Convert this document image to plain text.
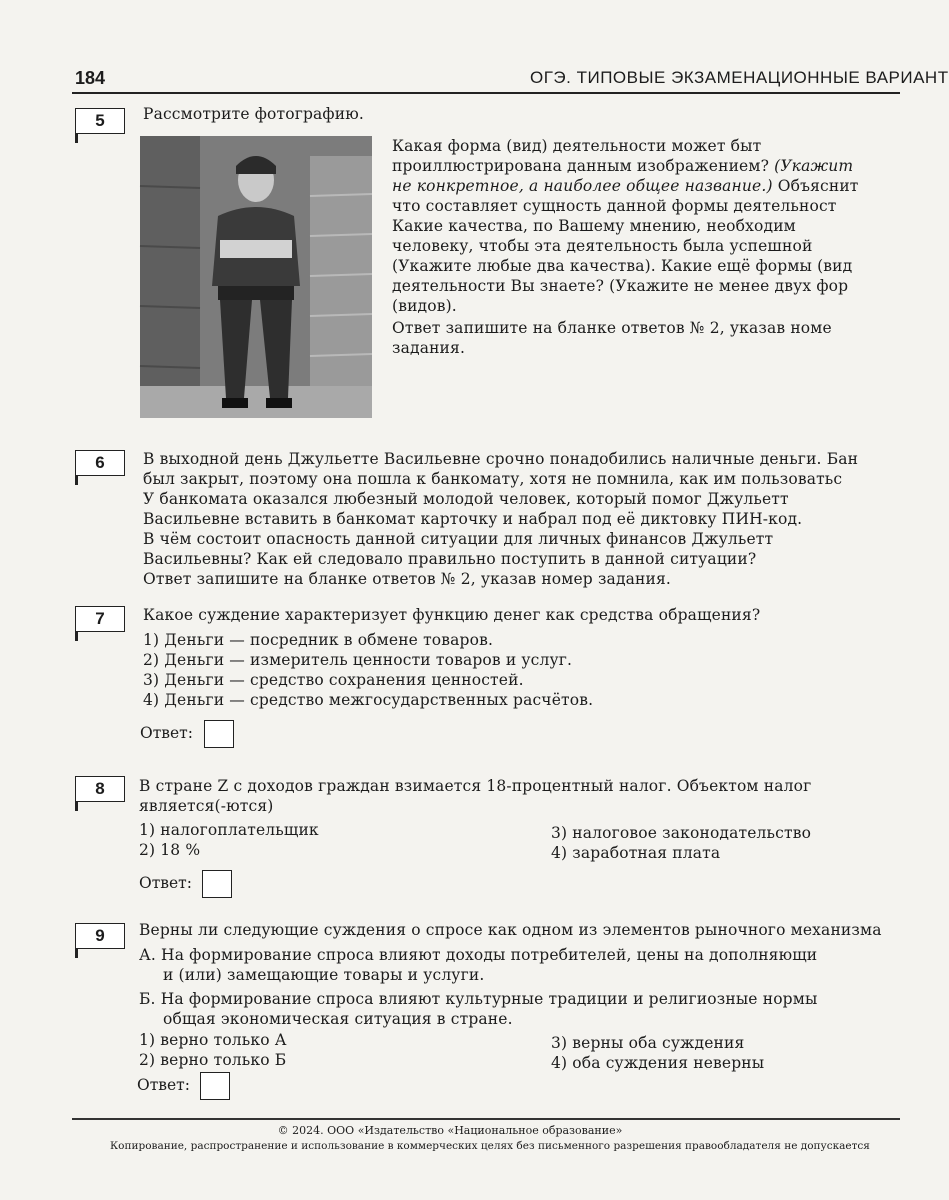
184	ОГЭ. ТИПОВЫЕ ЭКЗАМЕНАЦИОННЫЕ ВАРИАНТ
5	Рассмотрите фотографию.
Какая форма (вид) деятельности может быт
проиллюстрирована данным изображением? (Укажит
не конкретное, а наиболее общее название.) Объяснит
что составляет сущность данной формы деятельност
Какие качества, по Вашему мнению, необходим
человеку, чтобы эта деятельность была успешной
(Укажите любые два качества). Какие ещё формы (вид
деятельности Вы знаете? (Укажите не менее двух фор
(видов).
Ответ запишите на бланке ответов № 2, указав номе
задания.
6	В выходной день Джульетте Васильевне срочно понадобились наличные деньги. Бан
был закрыт, поэтому она пошла к банкомату, хотя не помнила, как им пользоватьс
У банкомата оказался любезный молодой человек, который помог Джульетт
Васильевне вставить в банкомат карточку и набрал под её диктовку ПИН-код.
В чём состоит опасность данной ситуации для личных финансов Джульетт
Васильевны? Как ей следовало правильно поступить в данной ситуации?
Ответ запишите на бланке ответов № 2, указав номер задания.
7	Какое суждение характеризует функцию денег как средства обращения?
1) Деньги — посредник в обмене товаров.
2) Деньги — измеритель ценности товаров и услуг.
3) Деньги — средство сохранения ценностей.
4) Деньги — средство межгосударственных расчётов.
Ответ:
8	В стране Z с доходов граждан взимается 18-процентный налог. Объектом налог
является(-ются)
1) налогоплательщик
2) 18 %
3) налоговое законодательство
4) заработная плата
Ответ:
9	Верны ли следующие суждения о спросе как одном из элементов рыночного механизма
А. На формирование спроса влияют доходы потребителей, цены на дополняющи
и (или) замещающие товары и услуги.
Б. На формирование спроса влияют культурные традиции и религиозные нормы
общая экономическая ситуация в стране.
1) верно только А
2) верно только Б
3) верны оба суждения
4) оба суждения неверны
Ответ:
© 2024. ООО «Издательство «Национальное образование»
Копирование, распространение и использование в коммерческих целях без письменного разрешения правообладателя не допускается
